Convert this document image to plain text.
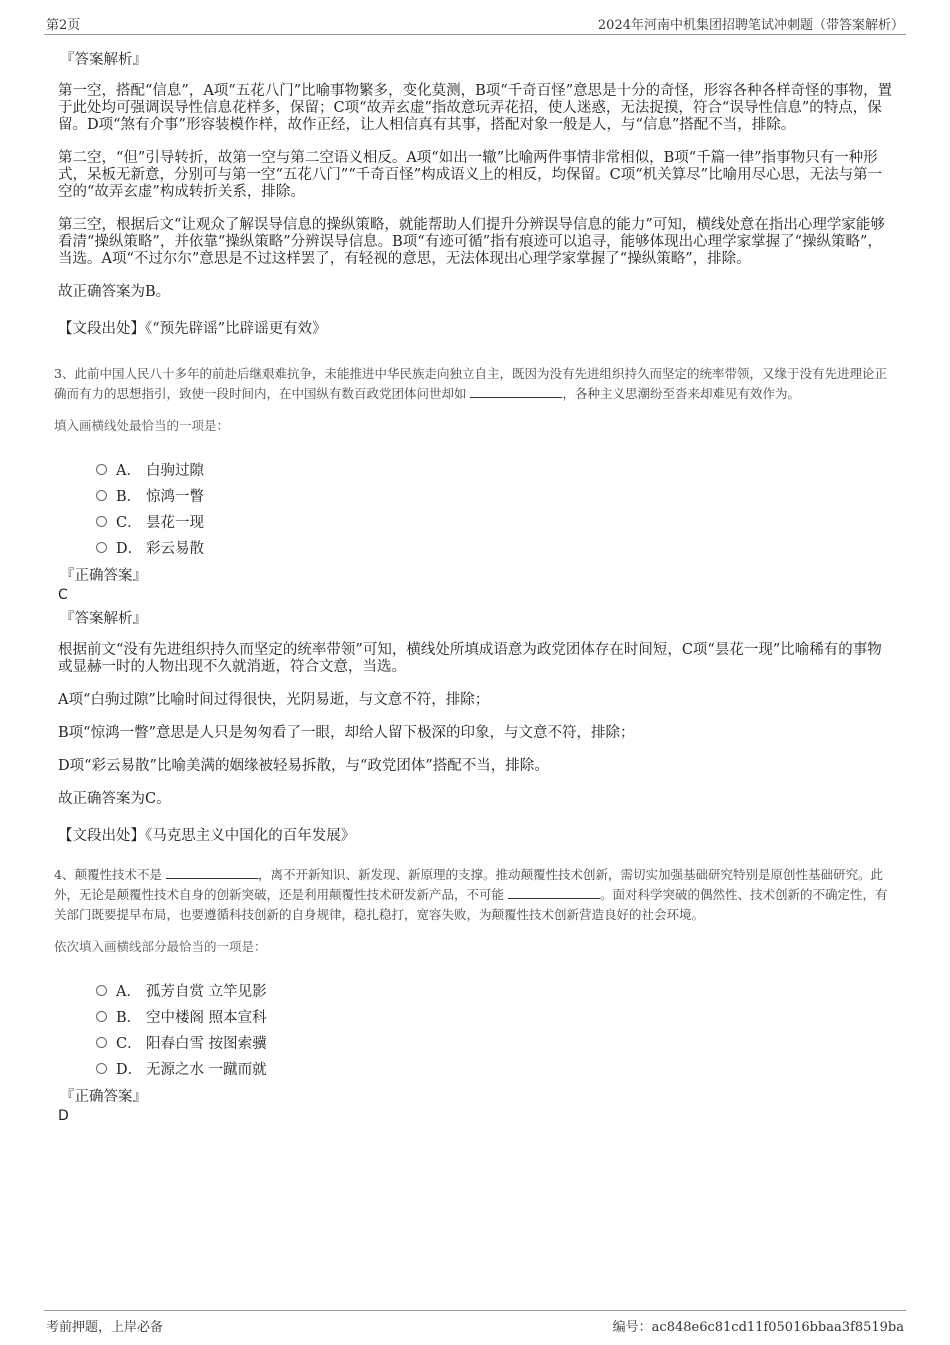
第2页	2024年河南中机集团招聘笔试冲刺题（带答案解析）
『答案解析』

第一空，搭配“信息”，A项“五花八门”比喻事物繁多，变化莫测，B项“千奇百怪”意思是十分的奇怪，形容各种各样奇怪的事物，置于此处均可强调误导性信息花样多，保留；C项“故弄玄虚”指故意玩弄花招，使人迷惑，无法捉摸，符合“误导性信息”的特点，保留。D项“煞有介事”形容装模作样，故作正经，让人相信真有其事，搭配对象一般是人，与“信息”搭配不当，排除。

第二空，“但”引导转折，故第一空与第二空语义相反。A项“如出一辙”比喻两件事情非常相似，B项“千篇一律”指事物只有一种形式，呆板无新意，分别可与第一空“五花八门”“千奇百怪”构成语义上的相反，均保留。C项“机关算尽”比喻用尽心思，无法与第一空的“故弄玄虚”构成转折关系，排除。

第三空，根据后文“让观众了解误导信息的操纵策略，就能帮助人们提升分辨误导信息的能力”可知，横线处意在指出心理学家能够看清“操纵策略”，并依靠“操纵策略”分辨误导信息。B项“有迹可循”指有痕迹可以追寻，能够体现出心理学家掌握了“操纵策略”，当选。A项“不过尔尔”意思是不过这样罢了，有轻视的意思，无法体现出心理学家掌握了“操纵策略”，排除。

故正确答案为B。

【文段出处】《“预先辟谣”比辟谣更有效》

3、此前中国人民八十多年的前赴后继艰难抗争，未能推进中华民族走向独立自主，既因为没有先进组织持久而坚定的统率带领，又缘于没有先进理论正确而有力的思想指引，致使一段时间内，在中国纵有数百政党团体问世却如	，各种主义思潮纷至沓来却难见有效作为。

填入画横线处最恰当的一项是：
A． 白驹过隙
B． 惊鸿一瞥
C． 昙花一现
D． 彩云易散
『正确答案』
C
『答案解析』

根据前文“没有先进组织持久而坚定的统率带领”可知，横线处所填成语意为政党团体存在时间短，C项“昙花一现”比喻稀有的事物或显赫一时的人物出现不久就消逝，符合文意，当选。

A项“白驹过隙”比喻时间过得很快，光阴易逝，与文意不符，排除；

B项“惊鸿一瞥”意思是人只是匆匆看了一眼，却给人留下极深的印象，与文意不符，排除；

D项“彩云易散”比喻美满的姻缘被轻易拆散，与“政党团体”搭配不当，排除。

故正确答案为C。

【文段出处】《马克思主义中国化的百年发展》

4、颠覆性技术不是	，离不开新知识、新发现、新原理的支撑。推动颠覆性技术创新，需切实加强基础研究特别是原创性基础研究。此外，无论是颠覆性技术自身的创新突破，还是利用颠覆性技术研发新产品，不可能	。面对科学突破的偶然性、技术创新的不确定性，有关部门既要提早布局，也要遵循科技创新的自身规律，稳扎稳打，宽容失败，为颠覆性技术创新营造良好的社会环境。

依次填入画横线部分最恰当的一项是：
A． 孤芳自赏 立竿见影
B． 空中楼阁 照本宣科
C． 阳春白雪 按图索骥
D． 无源之水 一蹴而就
『正确答案』
D
考前押题，上岸必备	编号：ac848e6c81cd11f05016bbaa3f8519ba
